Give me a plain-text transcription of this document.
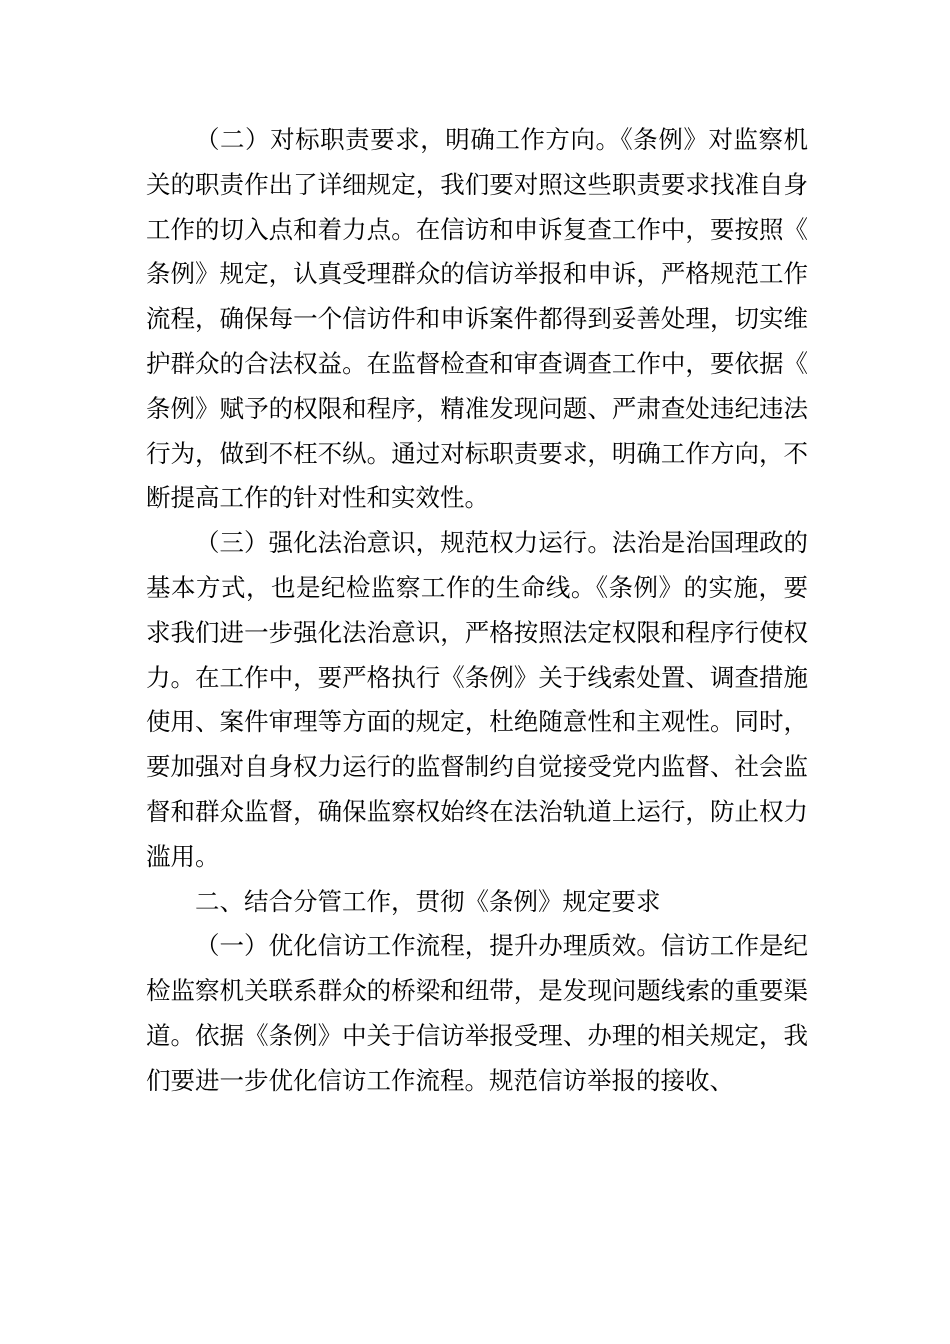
（二）对标职责要求，明确工作方向。《条例》对监察机关的职责作出了详细规定，我们要对照这些职责要求找准自身工作的切入点和着力点。在信访和申诉复查工作中，要按照《条例》规定，认真受理群众的信访举报和申诉，严格规范工作流程，确保每一个信访件和申诉案件都得到妥善处理，切实维护群众的合法权益。在监督检查和审查调查工作中，要依据《条例》赋予的权限和程序，精准发现问题、严肃查处违纪违法行为，做到不枉不纵。通过对标职责要求，明确工作方向，不断提高工作的针对性和实效性。

（三）强化法治意识，规范权力运行。法治是治国理政的基本方式，也是纪检监察工作的生命线。《条例》的实施，要求我们进一步强化法治意识，严格按照法定权限和程序行使权力。在工作中，要严格执行《条例》关于线索处置、调查措施使用、案件审理等方面的规定，杜绝随意性和主观性。同时，要加强对自身权力运行的监督制约自觉接受党内监督、社会监督和群众监督，确保监察权始终在法治轨道上运行，防止权力滥用。

二、结合分管工作，贯彻《条例》规定要求

（一）优化信访工作流程，提升办理质效。信访工作是纪检监察机关联系群众的桥梁和纽带，是发现问题线索的重要渠道。依据《条例》中关于信访举报受理、办理的相关规定，我们要进一步优化信访工作流程。规范信访举报的接收、
